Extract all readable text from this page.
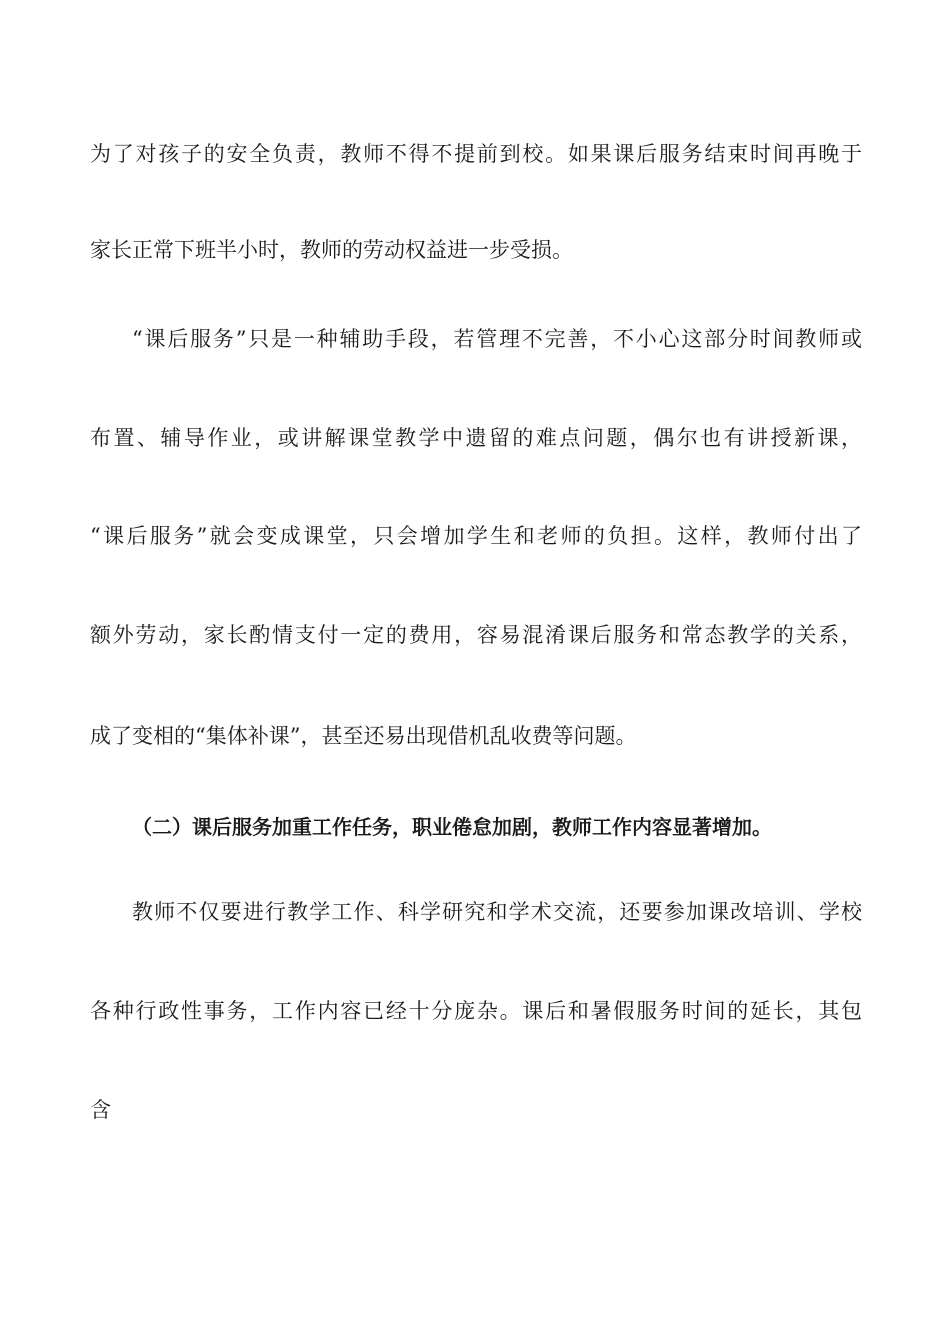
为了对孩子的安全负责，教师不得不提前到校。如果课后服务结束时间再晚于
家长正常下班半小时，教师的劳动权益进一步受损。
“课后服务”只是一种辅助手段，若管理不完善，不小心这部分时间教师或
布置、辅导作业，或讲解课堂教学中遗留的难点问题，偶尔也有讲授新课，
“课后服务”就会变成课堂，只会增加学生和老师的负担。这样，教师付出了
额外劳动，家长酌情支付一定的费用，容易混淆课后服务和常态教学的关系，
成了变相的“集体补课”，甚至还易出现借机乱收费等问题。
（二）课后服务加重工作任务，职业倦怠加剧，教师工作内容显著增加。
教师不仅要进行教学工作、科学研究和学术交流，还要参加课改培训、学校
各种行政性事务，工作内容已经十分庞杂。课后和暑假服务时间的延长，其包
含
